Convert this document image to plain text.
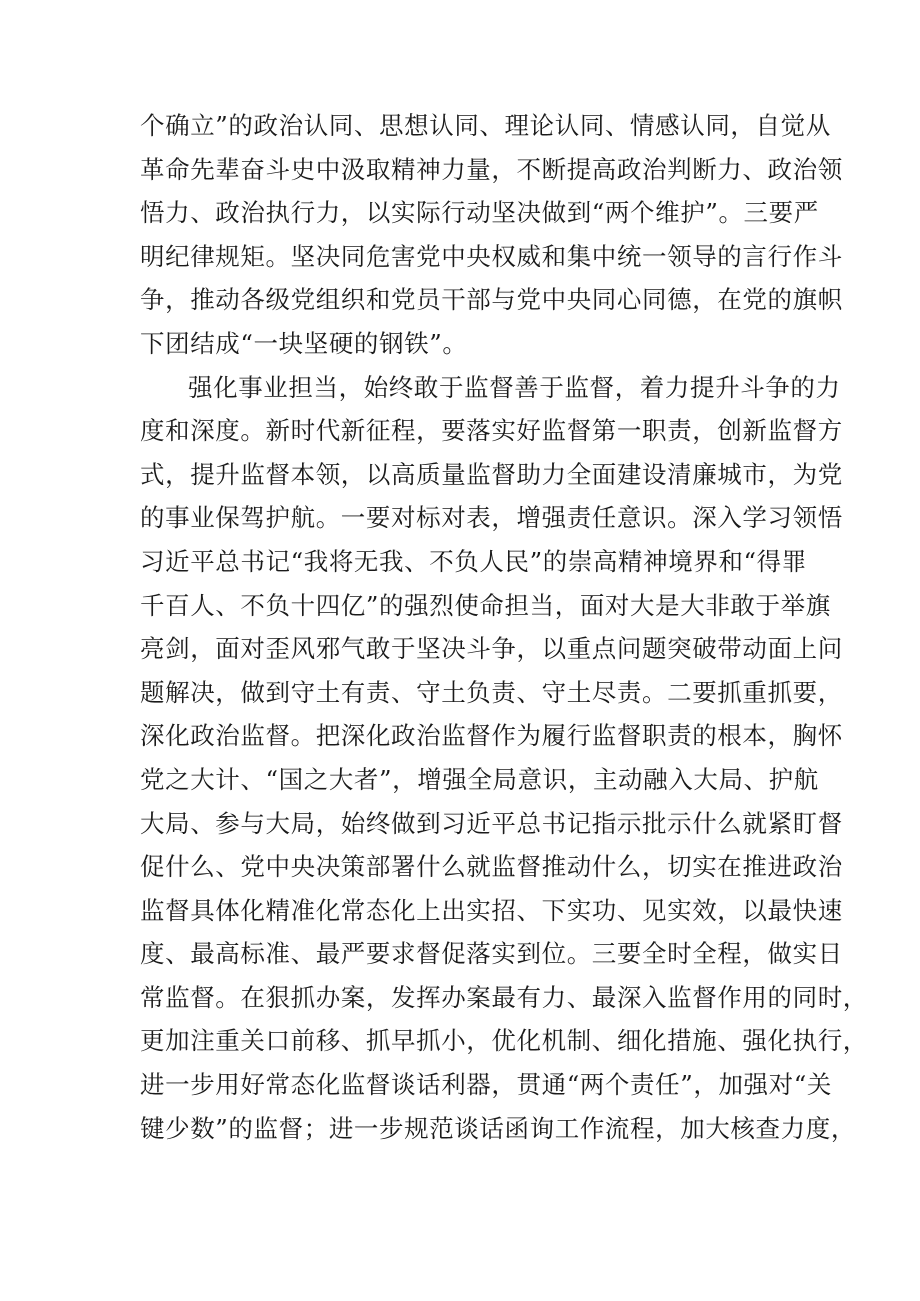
个确立”的政治认同、思想认同、理论认同、情感认同，自觉从
革命先辈奋斗史中汲取精神力量，不断提高政治判断力、政治领
悟力、政治执行力，以实际行动坚决做到“两个维护”。三要严
明纪律规矩。坚决同危害党中央权威和集中统一领导的言行作斗
争，推动各级党组织和党员干部与党中央同心同德，在党的旗帜
下团结成“一块坚硬的钢铁”。
强化事业担当，始终敢于监督善于监督，着力提升斗争的力
度和深度。新时代新征程，要落实好监督第一职责，创新监督方
式，提升监督本领，以高质量监督助力全面建设清廉城市，为党
的事业保驾护航。一要对标对表，增强责任意识。深入学习领悟
习近平总书记“我将无我、不负人民”的崇高精神境界和“得罪
千百人、不负十四亿”的强烈使命担当，面对大是大非敢于举旗
亮剑，面对歪风邪气敢于坚决斗争，以重点问题突破带动面上问
题解决，做到守土有责、守土负责、守土尽责。二要抓重抓要，
深化政治监督。把深化政治监督作为履行监督职责的根本，胸怀
党之大计、“国之大者”，增强全局意识，主动融入大局、护航
大局、参与大局，始终做到习近平总书记指示批示什么就紧盯督
促什么、党中央决策部署什么就监督推动什么，切实在推进政治
监督具体化精准化常态化上出实招、下实功、见实效，以最快速
度、最高标准、最严要求督促落实到位。三要全时全程，做实日
常监督。在狠抓办案，发挥办案最有力、最深入监督作用的同时，
更加注重关口前移、抓早抓小，优化机制、细化措施、强化执行，
进一步用好常态化监督谈话利器，贯通“两个责任”，加强对“关
键少数”的监督；进一步规范谈话函询工作流程，加大核查力度，
